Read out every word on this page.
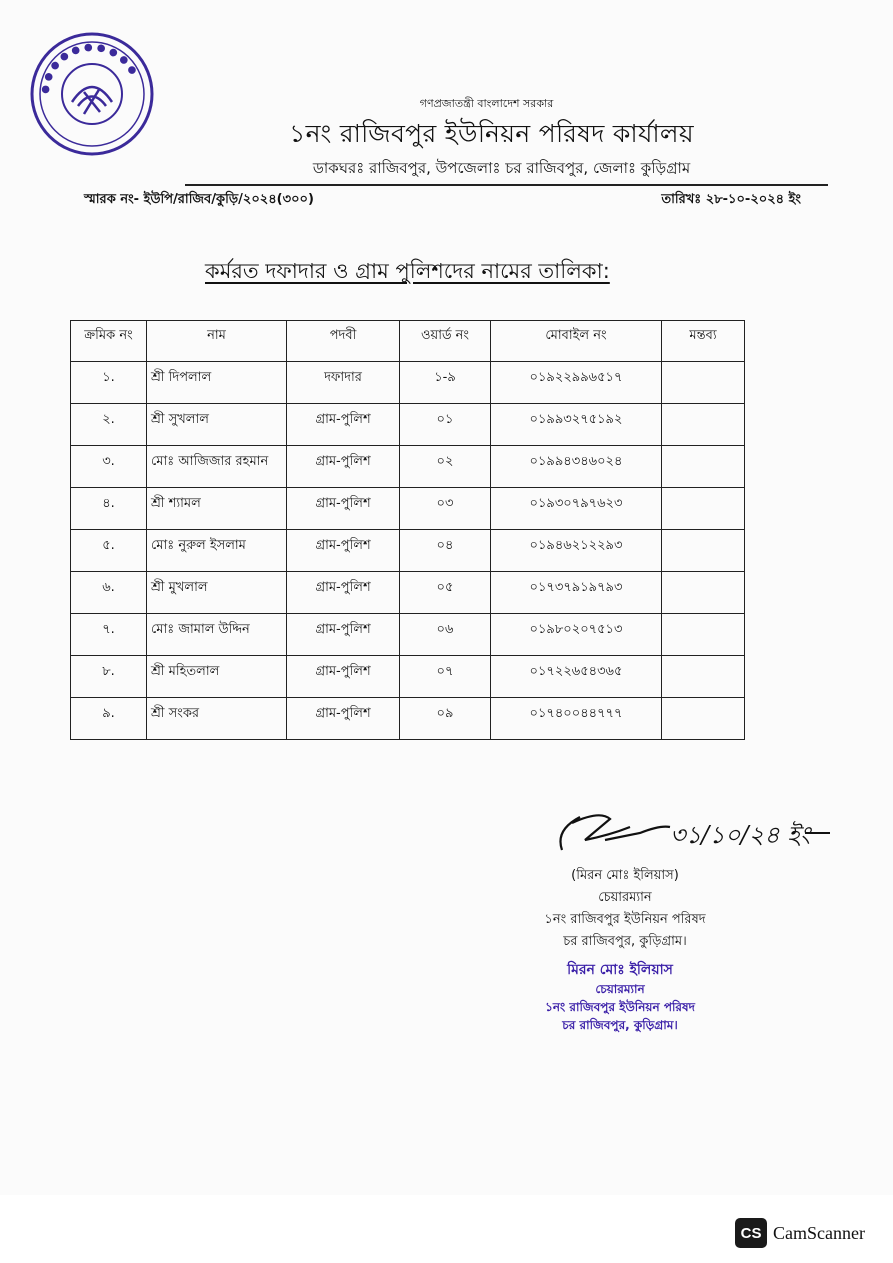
● ● ● ● ● ● ● ● ● ●
গণপ্রজাতন্ত্রী বাংলাদেশ সরকার
১নং রাজিবপুর ইউনিয়ন পরিষদ কার্যালয়
ডাকঘরঃ রাজিবপুর, উপজেলাঃ চর রাজিবপুর, জেলাঃ কুড়িগ্রাম
স্মারক নং- ইউপি/রাজিব/কুড়ি/২০২৪(৩০০)	তারিখঃ ২৮-১০-২০২৪ ইং
কর্মরত দফাদার ও গ্রাম পুলিশদের নামের তালিকা:
ক্রমিক নং	নাম	পদবী	ওয়ার্ড নং	মোবাইল নং	মন্তব্য
১.	শ্রী দিপলাল	দফাদার	১-৯	০১৯২২৯৯৬৫১৭	
২.	শ্রী সুখলাল	গ্রাম-পুলিশ	০১	০১৯৯৩২৭৫১৯২	
৩.	মোঃ আজিজার রহমান	গ্রাম-পুলিশ	০২	০১৯৯৪৩৪৬০২৪	
৪.	শ্রী শ্যামল	গ্রাম-পুলিশ	০৩	০১৯৩০৭৯৭৬২৩	
৫.	মোঃ নুরুল ইসলাম	গ্রাম-পুলিশ	০৪	০১৯৪৬২১২২৯৩	
৬.	শ্রী মুখলাল	গ্রাম-পুলিশ	০৫	০১৭৩৭৯১৯৭৯৩	
৭.	মোঃ জামাল উদ্দিন	গ্রাম-পুলিশ	০৬	০১৯৮০২০৭৫১৩	
৮.	শ্রী মহিতলাল	গ্রাম-পুলিশ	০৭	০১৭২২৬৫৪৩৬৫	
৯.	শ্রী সংকর	গ্রাম-পুলিশ	০৯	০১৭৪০০৪৪৭৭৭	
৩১/১০/২৪ ইং
(মিরন মোঃ ইলিয়াস)
চেয়ারম্যান
১নং রাজিবপুর ইউনিয়ন পরিষদ
চর রাজিবপুর, কুড়িগ্রাম।
মিরন মোঃ ইলিয়াস
চেয়ারম্যান
১নং রাজিবপুর ইউনিয়ন পরিষদ
চর রাজিবপুর, কুড়িগ্রাম।
CS CamScanner
